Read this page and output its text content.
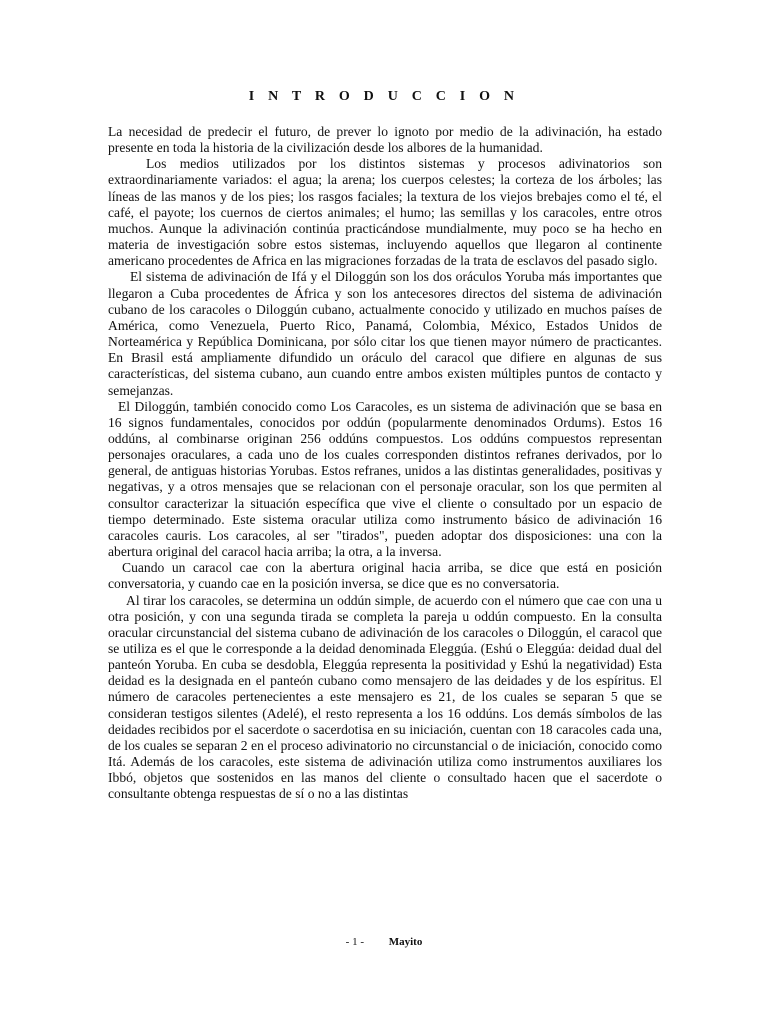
I N T R O D U C C I O N

La necesidad de predecir el futuro, de prever lo ignoto por medio de la adivinación, ha estado presente en toda la historia de la civilización desde los albores de la humanidad.

Los medios utilizados por los distintos sistemas y procesos adivinatorios son extraordinariamente variados: el agua; la arena; los cuerpos celestes; la corteza de los árboles; las líneas de las manos y de los pies; los rasgos faciales; la textura de los viejos brebajes como el té, el café, el payote; los cuernos de ciertos animales; el humo; las semillas y los caracoles, entre otros muchos. Aunque la adivinación continúa practicándose mundialmente, muy poco se ha hecho en materia de investigación sobre estos sistemas, incluyendo aquellos que llegaron al continente americano procedentes de Africa en las migraciones forzadas de la trata de esclavos del pasado siglo.

El sistema de adivinación de Ifá y el Diloggún son los dos oráculos Yoruba más importantes que llegaron a Cuba procedentes de África y son los antecesores directos del sistema de adivinación cubano de los caracoles o Diloggún cubano, actualmente conocido y utilizado en muchos países de América, como Venezuela, Puerto Rico, Panamá, Colombia, México, Estados Unidos de Norteamérica y República Dominicana, por sólo citar los que tienen mayor número de practicantes. En Brasil está ampliamente difundido un oráculo del caracol que difiere en algunas de sus características, del sistema cubano, aun cuando entre ambos existen múltiples puntos de contacto y semejanzas.

El Diloggún, también conocido como Los Caracoles, es un sistema de adivinación que se basa en 16 signos fundamentales, conocidos por oddún (popularmente denominados Ordums). Estos 16 oddúns, al combinarse originan 256 oddúns compuestos. Los oddúns compuestos representan personajes oraculares, a cada uno de los cuales corresponden distintos refranes derivados, por lo general, de antiguas historias Yorubas. Estos refranes, unidos a las distintas generalidades, positivas y negativas, y a otros mensajes que se relacionan con el personaje oracular, son los que permiten al consultor caracterizar la situación específica que vive el cliente o consultado por un espacio de tiempo determinado. Este sistema oracular utiliza como instrumento básico de adivinación 16 caracoles cauris. Los caracoles, al ser "tirados", pueden adoptar dos disposiciones: una con la abertura original del caracol hacia arriba; la otra, a la inversa.

Cuando un caracol cae con la abertura original hacia arriba, se dice que está en posición conversatoria, y cuando cae en la posición inversa, se dice que es no conversatoria.

Al tirar los caracoles, se determina un oddún simple, de acuerdo con el número que cae con una u otra posición, y con una segunda tirada se completa la pareja u oddún compuesto. En la consulta oracular circunstancial del sistema cubano de adivinación de los caracoles o Diloggún, el caracol que se utiliza es el que le corresponde a la deidad denominada Eleggúa. (Eshú o Eleggúa: deidad dual del panteón Yoruba. En cuba se desdobla, Eleggúa representa la positividad y Eshú la negatividad) Esta deidad es la designada en el panteón cubano como mensajero de las deidades y de los espíritus. El número de caracoles pertenecientes a este mensajero es 21, de los cuales se separan 5 que se consideran testigos silentes (Adelé), el resto representa a los 16 oddúns. Los demás símbolos de las deidades recibidos por el sacerdote o sacerdotisa en su iniciación, cuentan con 18 caracoles cada una, de los cuales se separan 2 en el proceso adivinatorio no circunstancial o de iniciación, conocido como Itá. Además de los caracoles, este sistema de adivinación utiliza como instrumentos auxiliares los Ibbó, objetos que sostenidos en las manos del cliente o consultado hacen que el sacerdote o consultante obtenga respuestas de sí o no a las distintas

- 1 - Mayito
